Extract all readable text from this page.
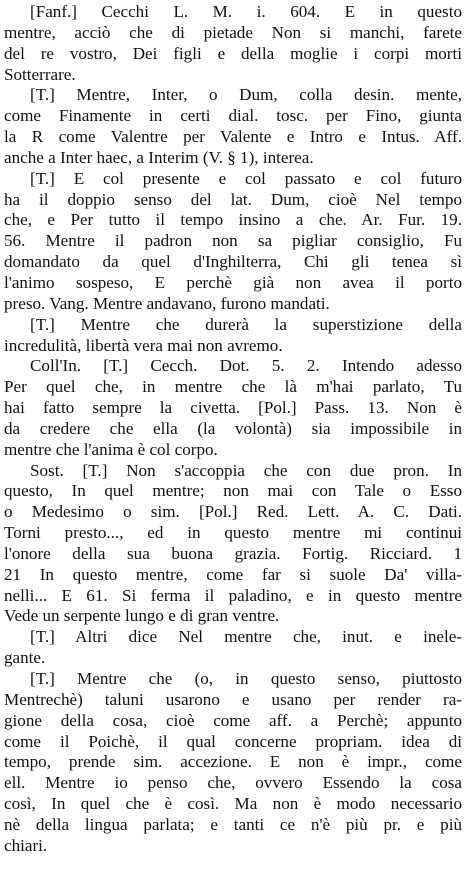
[Fanf.] Cecchi L. M. i. 604. E in questo
mentre, acciò che di pietade Non si manchi, farete
del re vostro, Dei figli e della moglie i corpi morti
Sotterrare.
[T.] Mentre, Inter, o Dum, colla desin. mente,
come Finamente in certi dial. tosc. per Fino, giunta
la R come Valentre per Valente e Intro e Intus. Aff.
anche a Inter haec, a Interim (V. § 1), interea.
[T.] E col presente e col passato e col futuro
ha il doppio senso del lat. Dum, cioè Nel tempo
che, e Per tutto il tempo insino a che. Ar. Fur. 19.
56. Mentre il padron non sa pigliar consiglio, Fu
domandato da quel d'Inghilterra, Chi gli tenea sì
l'animo sospeso, E perchè già non avea il porto
preso. Vang. Mentre andavano, furono mandati.
[T.] Mentre che durerà la superstizione della
incredulità, libertà vera mai non avremo.
Coll'In. [T.] Cecch. Dot. 5. 2. Intendo adesso
Per quel che, in mentre che là m'hai parlato, Tu
hai fatto sempre la civetta. [Pol.] Pass. 13. Non è
da credere che ella (la volontà) sia impossibile in
mentre che l'anima è col corpo.
Sost. [T.] Non s'accoppia che con due pron. In
questo, In quel mentre; non mai con Tale o Esso
o Medesimo o sim. [Pol.] Red. Lett. A. C. Dati.
Torni presto..., ed in questo mentre mi continui
l'onore della sua buona grazia. Fortig. Ricciard. 1
21 In questo mentre, come far si suole Da' villa-
nelli... E 61. Si ferma il paladino, e in questo mentre
Vede un serpente lungo e di gran ventre.
[T.] Altri dice Nel mentre che, inut. e inele-
gante.
[T.] Mentre che (o, in questo senso, piuttosto
Mentrechè) taluni usarono e usano per render ra-
gione della cosa, cioè come aff. a Perchè; appunto
come il Poichè, il qual concerne propriam. idea di
tempo, prende sim. accezione. E non è impr., come
ell. Mentre io penso che, ovvero Essendo la cosa
così, In quel che è così. Ma non è modo necessario
nè della lingua parlata; e tanti ce n'è più pr. e più
chiari.
